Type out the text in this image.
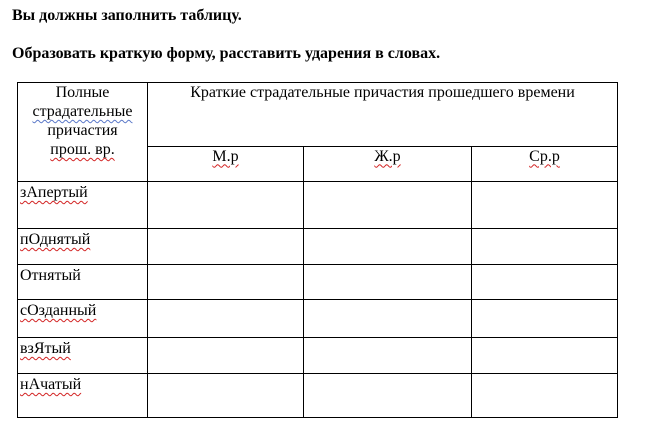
Вы должны заполнить таблицу.
Образовать краткую форму, расставить ударения в словах.
Полные
страдательные
причастия
прош. вр.	Краткие страдательные причастия прошедшего времени		
	М.р	Ж.р	Ср.р
зАпертый			
пОднятый			
Отнятый			
сОзданный			
взЯтый			
нАчатый			
